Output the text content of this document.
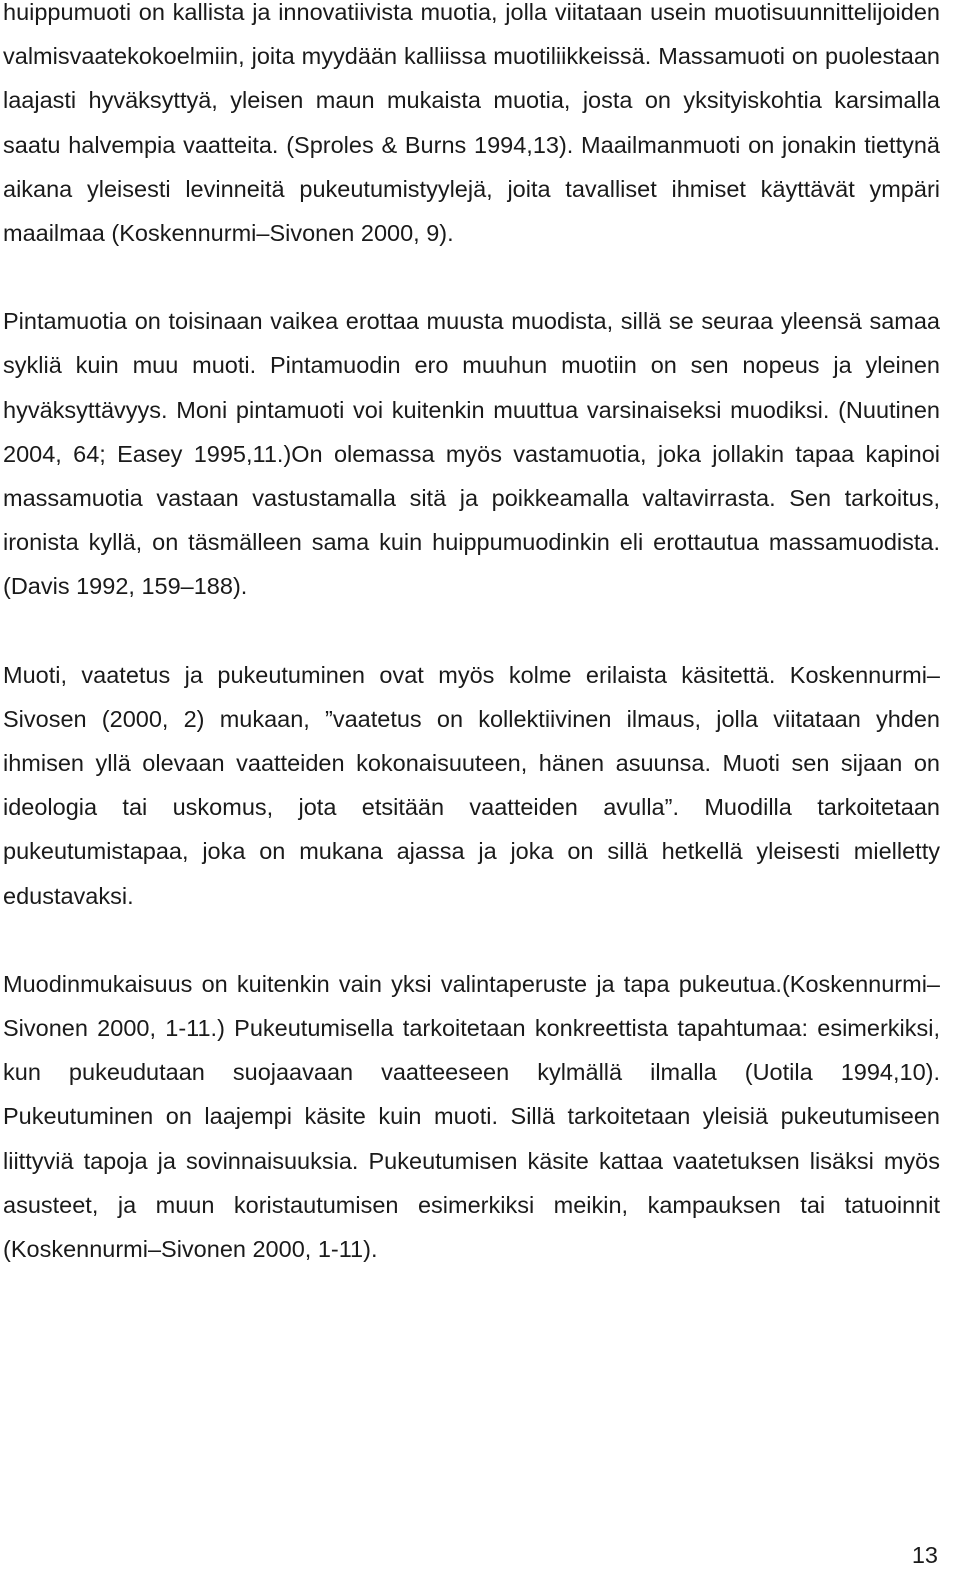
huippumuoti on kallista ja innovatiivista muotia, jolla viitataan usein muotisuunnittelijoiden valmisvaatekokoelmiin, joita myydään kalliissa muotiliikkeissä. Massamuoti on puolestaan laajasti hyväksyttyä, yleisen maun mukaista muotia, josta on yksityiskohtia karsimalla saatu halvempia vaatteita. (Sproles & Burns 1994,13). Maailmanmuoti on jonakin tiettynä aikana yleisesti levinneitä pukeutumistyylejä, joita tavalliset ihmiset käyttävät ympäri maailmaa (Koskennurmi–Sivonen 2000, 9).

Pintamuotia on toisinaan vaikea erottaa muusta muodista, sillä se seuraa yleensä samaa sykliä kuin muu muoti. Pintamuodin ero muuhun muotiin on sen nopeus ja yleinen hyväksyttävyys. Moni pintamuoti voi kuitenkin muuttua varsinaiseksi muodiksi. (Nuutinen 2004, 64; Easey 1995,11.)On olemassa myös vastamuotia, joka jollakin tapaa kapinoi massamuotia vastaan vastustamalla sitä ja poikkeamalla valtavirrasta. Sen tarkoitus, ironista kyllä, on täsmälleen sama kuin huippumuodinkin eli erottautua massamuodista. (Davis 1992, 159–188).

Muoti, vaatetus ja pukeutuminen ovat myös kolme erilaista käsitettä. Koskennurmi–Sivosen (2000, 2) mukaan, ”vaatetus on kollektiivinen ilmaus, jolla viitataan yhden ihmisen yllä olevaan vaatteiden kokonaisuuteen, hänen asuunsa. Muoti sen sijaan on ideologia tai uskomus, jota etsitään vaatteiden avulla”. Muodilla tarkoitetaan pukeutumistapaa, joka on mukana ajassa ja joka on sillä hetkellä yleisesti mielletty edustavaksi.

Muodinmukaisuus on kuitenkin vain yksi valintaperuste ja tapa pukeutua.(Koskennurmi–Sivonen 2000, 1-11.) Pukeutumisella tarkoitetaan konkreettista tapahtumaa: esimerkiksi, kun pukeudutaan suojaavaan vaatteeseen kylmällä ilmalla (Uotila 1994,10). Pukeutuminen on laajempi käsite kuin muoti. Sillä tarkoitetaan yleisiä pukeutumiseen liittyviä tapoja ja sovinnaisuuksia. Pukeutumisen käsite kattaa vaatetuksen lisäksi myös asusteet, ja muun koristautumisen esimerkiksi meikin, kampauksen tai tatuoinnit (Koskennurmi–Sivonen 2000, 1-11).

13
